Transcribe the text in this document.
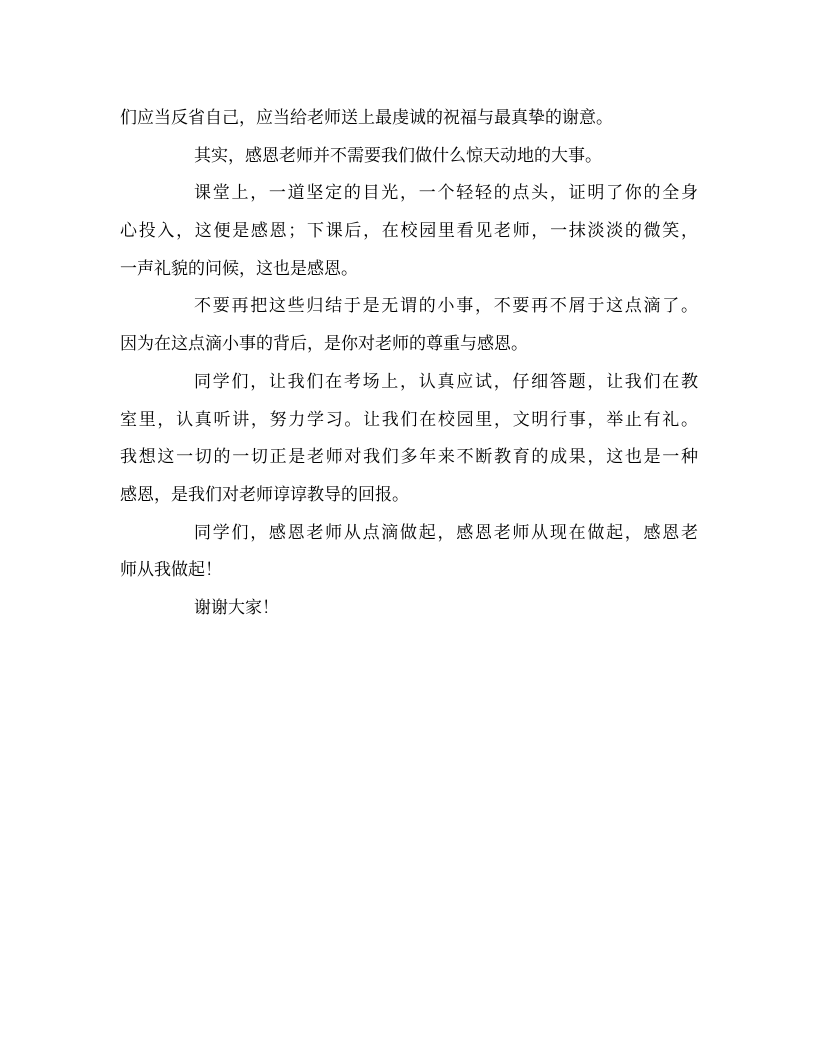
们应当反省自己，应当给老师送上最虔诚的祝福与最真挚的谢意。
其实，感恩老师并不需要我们做什么惊天动地的大事。
课堂上，一道坚定的目光，一个轻轻的点头，证明了你的全身
心投入，这便是感恩；下课后，在校园里看见老师，一抹淡淡的微笑，
一声礼貌的问候，这也是感恩。
不要再把这些归结于是无谓的小事，不要再不屑于这点滴了。
因为在这点滴小事的背后，是你对老师的尊重与感恩。
同学们，让我们在考场上，认真应试，仔细答题，让我们在教
室里，认真听讲，努力学习。让我们在校园里，文明行事，举止有礼。
我想这一切的一切正是老师对我们多年来不断教育的成果，这也是一种
感恩，是我们对老师谆谆教导的回报。
同学们，感恩老师从点滴做起，感恩老师从现在做起，感恩老
师从我做起！
谢谢大家！
